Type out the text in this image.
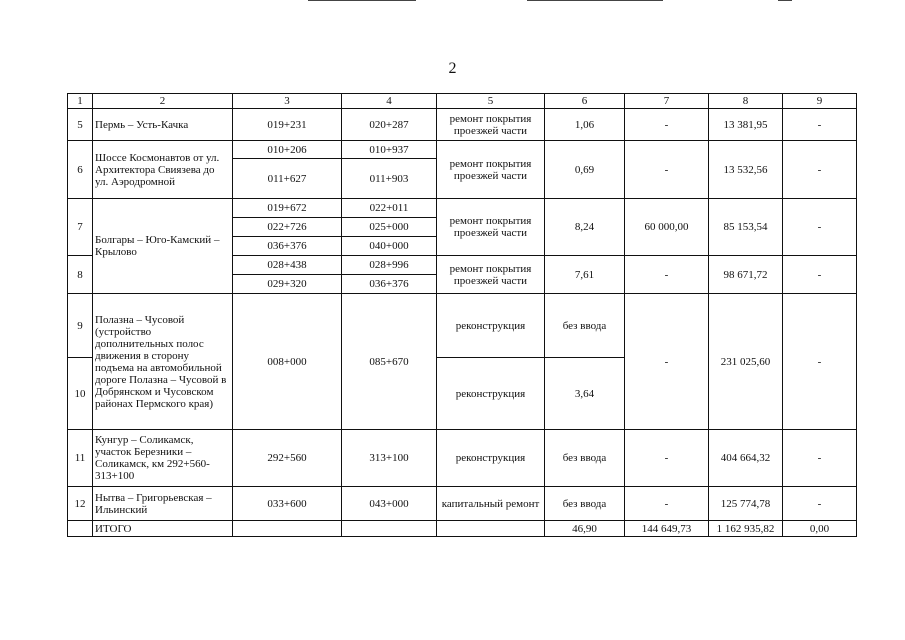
2
1	2	3	4	5	6	7	8	9
5	Пермь – Усть-Качка	019+231	020+287	ремонт покрытия проезжей части	1,06	-	13 381,95	-
6	Шоссе Космонавтов от ул. Архитектора Свиязева до ул. Аэродромной	010+206	010+937	ремонт покрытия проезжей части	0,69	-	13 532,56	-
		011+627	011+903					
7	Болгары – Юго-Камский – Крылово	019+672	022+011	ремонт покрытия проезжей части	8,24	60 000,00	85 153,54	-
		022+726	025+000					
		036+376	040+000					
8		028+438	028+996	ремонт покрытия проезжей части	7,61	-	98 671,72	-
		029+320	036+376					
9	Полазна – Чусовой (устройство дополнительных полос движения в сторону подъема на автомобильной дороге Полазна – Чусовой в Добрянском и Чусовском районах Пермского края)	008+000	085+670	реконструкция	без ввода	-	231 025,60	-
10				реконструкция	3,64			
11	Кунгур – Соликамск, участок Березники – Соликамск, км 292+560-313+100	292+560	313+100	реконструкция	без ввода	-	404 664,32	-
12	Нытва – Григорьевская – Ильинский	033+600	043+000	капитальный ремонт	без ввода	-	125 774,78	-
	ИТОГО				46,90	144 649,73	1 162 935,82	0,00
